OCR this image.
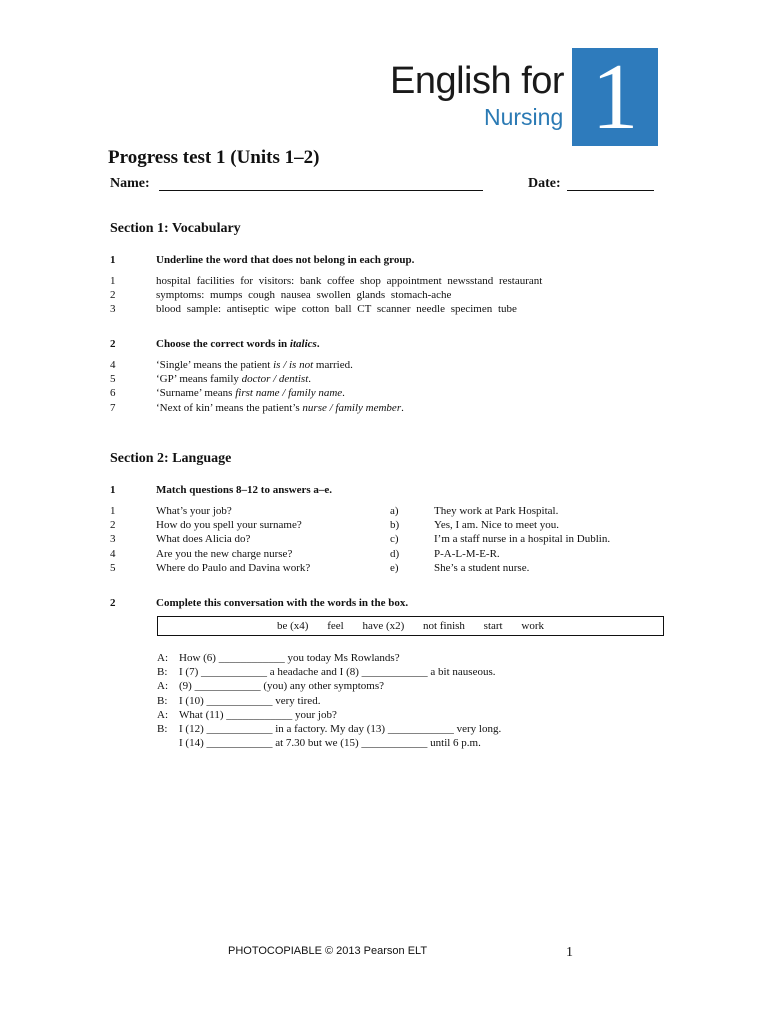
English for
Nursing 1
Progress test 1 (Units 1–2)
Name:	Date:
Section 1: Vocabulary
1	Underline the word that does not belong in each group.
1	hospital facilities for visitors: bank coffee shop appointment newsstand restaurant
2	symptoms: mumps cough nausea swollen glands stomach-ache
3	blood sample: antiseptic wipe cotton ball CT scanner needle specimen tube
2	Choose the correct words in italics.
4	‘Single’ means the patient is / is not married.
5	‘GP’ means family doctor / dentist.
6	‘Surname’ means first name / family name.
7	‘Next of kin’ means the patient’s nurse / family member.
Section 2: Language
1	Match questions 8–12 to answers a–e.
1	What’s your job?	a)	They work at Park Hospital.
2	How do you spell your surname?	b)	Yes, I am. Nice to meet you.
3	What does Alicia do?	c)	I’m a staff nurse in a hospital in Dublin.
4	Are you the new charge nurse?	d)	P-A-L-M-E-R.
5	Where do Paulo and Davina work?	e)	She’s a student nurse.
2	Complete this conversation with the words in the box.
be (x4) feel have (x2) not finish start work
A: How (6) ____________ you today Ms Rowlands?
B: I (7) ____________ a headache and I (8) ____________ a bit nauseous.
A: (9) ____________ (you) any other symptoms?
B: I (10) ____________ very tired.
A: What (11) ____________ your job?
B: I (12) ____________ in a factory. My day (13) ____________ very long.
I (14) ____________ at 7.30 but we (15) ____________ until 6 p.m.
PHOTOCOPIABLE © 2013 Pearson ELT	1
